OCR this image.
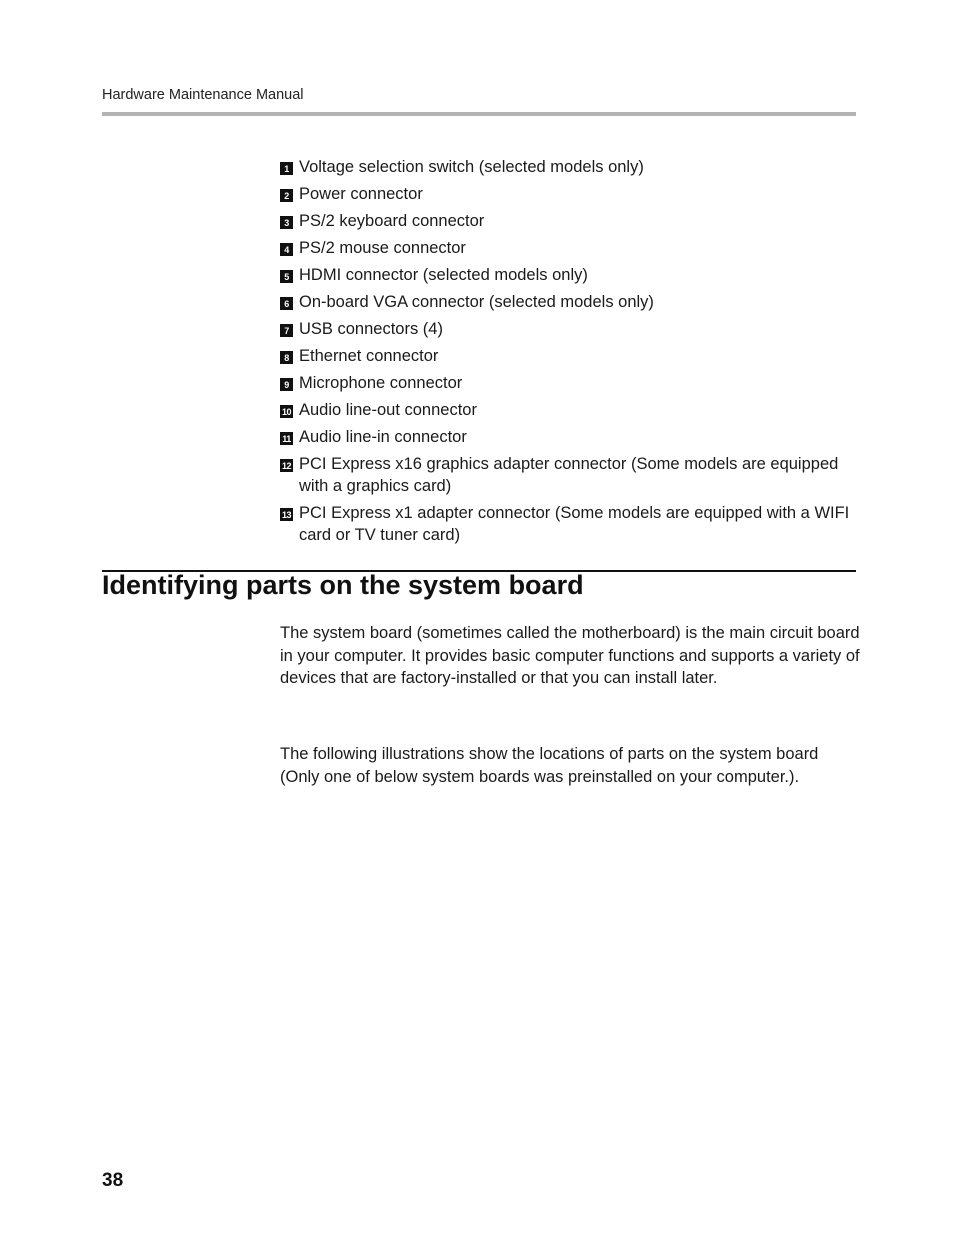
Hardware Maintenance Manual
1 Voltage selection switch (selected models only)
2 Power connector
3 PS/2 keyboard connector
4 PS/2 mouse connector
5 HDMI connector (selected models only)
6 On-board VGA connector (selected models only)
7 USB connectors (4)
8 Ethernet connector
9 Microphone connector
10 Audio line-out connector
11 Audio line-in connector
12 PCI Express x16 graphics adapter connector (Some models are equipped with a graphics card)
13 PCI Express x1 adapter connector (Some models are equipped with a WIFI card or TV tuner card)
Identifying parts on the system board

The system board (sometimes called the motherboard) is the main circuit board in your computer. It provides basic computer functions and supports a variety of devices that are factory-installed or that you can install later.

The following illustrations show the locations of parts on the system board (Only one of below system boards was preinstalled on your computer.).

38
